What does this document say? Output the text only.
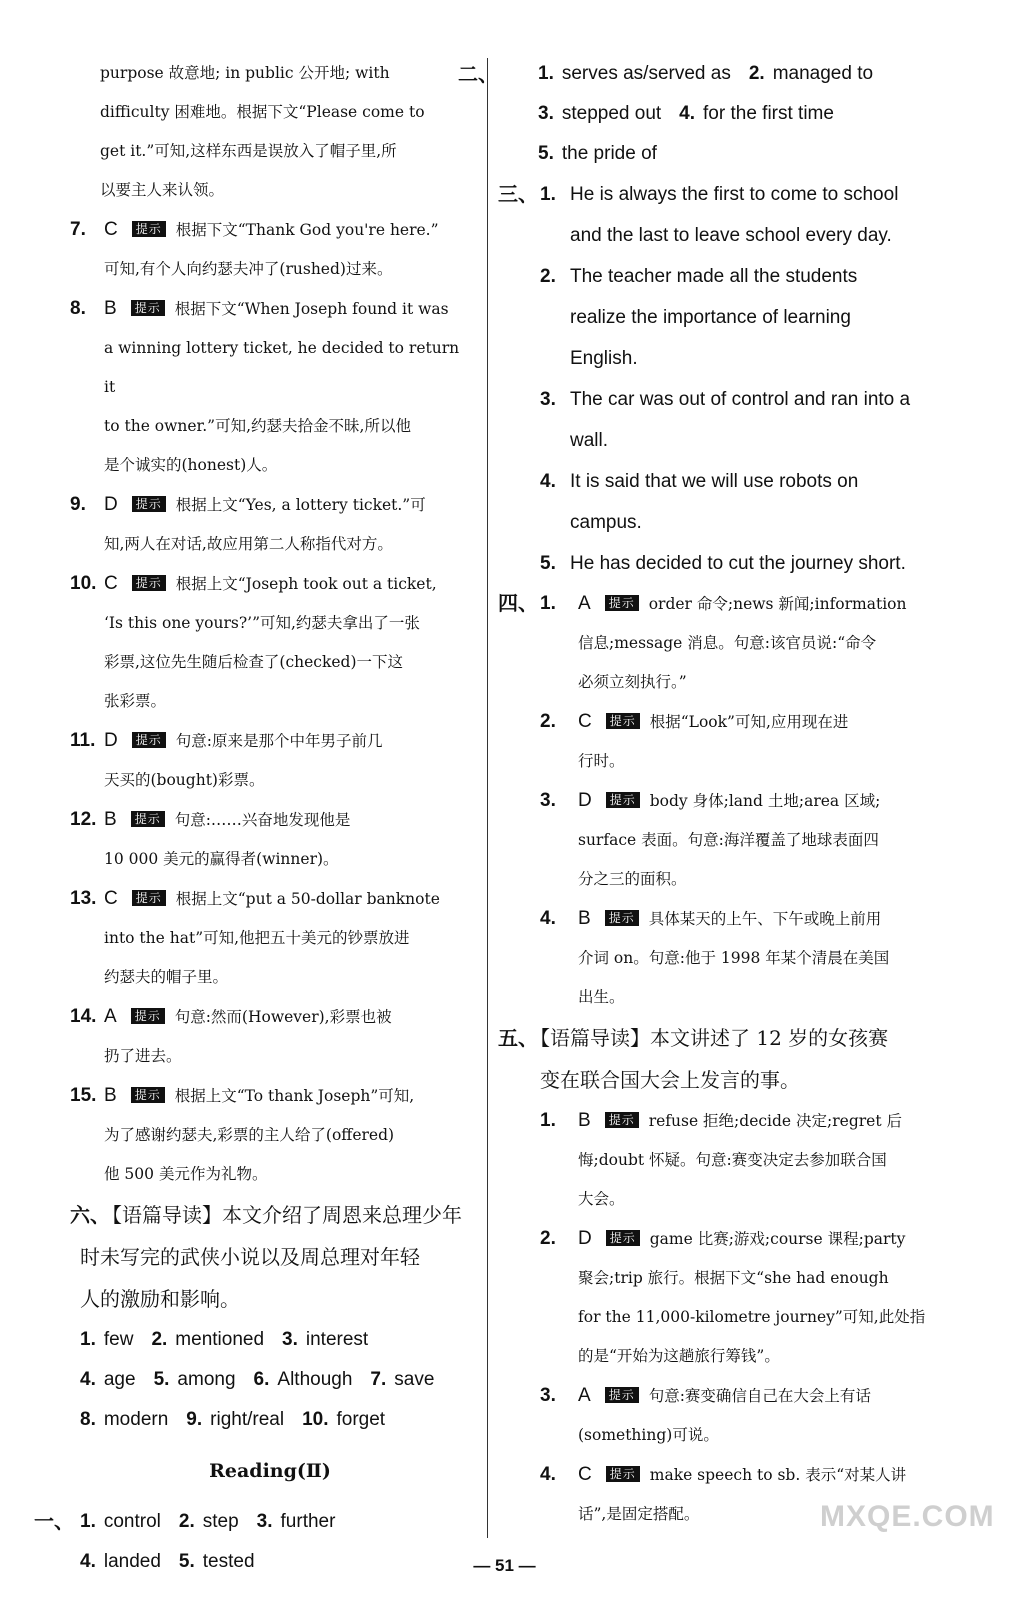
purpose 故意地; in public 公开地; with
difficulty 困难地。根据下文“Please come to
get it.”可知,这样东西是误放入了帽子里,所
以要主人来认领。
7. C 提示 根据下文“Thank God you're here.”
可知,有个人向约瑟夫冲了(rushed)过来。
8. B 提示 根据下文“When Joseph found it was
a winning lottery ticket, he decided to return it
to the owner.”可知,约瑟夫拾金不昧,所以他
是个诚实的(honest)人。
9. D 提示 根据上文“Yes, a lottery ticket.”可
知,两人在对话,故应用第二人称指代对方。
10. C 提示 根据上文“Joseph took out a ticket,
‘Is this one yours?’”可知,约瑟夫拿出了一张
彩票,这位先生随后检查了(checked)一下这
张彩票。
11. D 提示 句意:原来是那个中年男子前几
天买的(bought)彩票。
12. B 提示 句意:……兴奋地发现他是
10 000 美元的赢得者(winner)。
13. C 提示 根据上文“put a 50-dollar banknote
into the hat”可知,他把五十美元的钞票放进
约瑟夫的帽子里。
14. A 提示 句意:然而(However),彩票也被
扔了进去。
15. B 提示 根据上文“To thank Joseph”可知,
为了感谢约瑟夫,彩票的主人给了(offered)
他 500 美元作为礼物。
六、 【语篇导读】本文介绍了周恩来总理少年
时未写完的武侠小说以及周总理对年轻
人的激励和影响。
1. few 2. mentioned 3. interest
4. age 5. among 6. Although 7. save
8. modern 9. right/real 10. forget
Reading(Ⅱ)
1. control 2. step 3. further
一、
4. landed 5. tested
1. serves as/served as 2. managed to
二、
3. stepped out 4. for the first time
5. the pride of
三、 1. He is always the first to come to school
and the last to leave school every day.
2. The teacher made all the students
realize the importance of learning
English.
3. The car was out of control and ran into a
wall.
4. It is said that we will use robots on
campus.
5. He has decided to cut the journey short.
四、 1. A 提示 order 命令;news 新闻;information
信息;message 消息。句意:该官员说:“命令
必须立刻执行。”
2. C 提示 根据“Look”可知,应用现在进
行时。
3. D 提示 body 身体;land 土地;area 区域;
surface 表面。句意:海洋覆盖了地球表面四
分之三的面积。
4. B 提示 具体某天的上午、下午或晚上前用
介词 on。句意:他于 1998 年某个清晨在美国
出生。
五、 【语篇导读】本文讲述了 12 岁的女孩赛
变在联合国大会上发言的事。
1. B 提示 refuse 拒绝;decide 决定;regret 后
悔;doubt 怀疑。句意:赛变决定去参加联合国
大会。
2. D 提示 game 比赛;游戏;course 课程;party
聚会;trip 旅行。根据下文“she had enough
for the 11,000-kilometre journey”可知,此处指
的是“开始为这趟旅行筹钱”。
3. A 提示 句意:赛变确信自己在大会上有话
(something)可说。
4. C 提示 make speech to sb. 表示“对某人讲
话”,是固定搭配。
— 51 —
MXQE.COM
